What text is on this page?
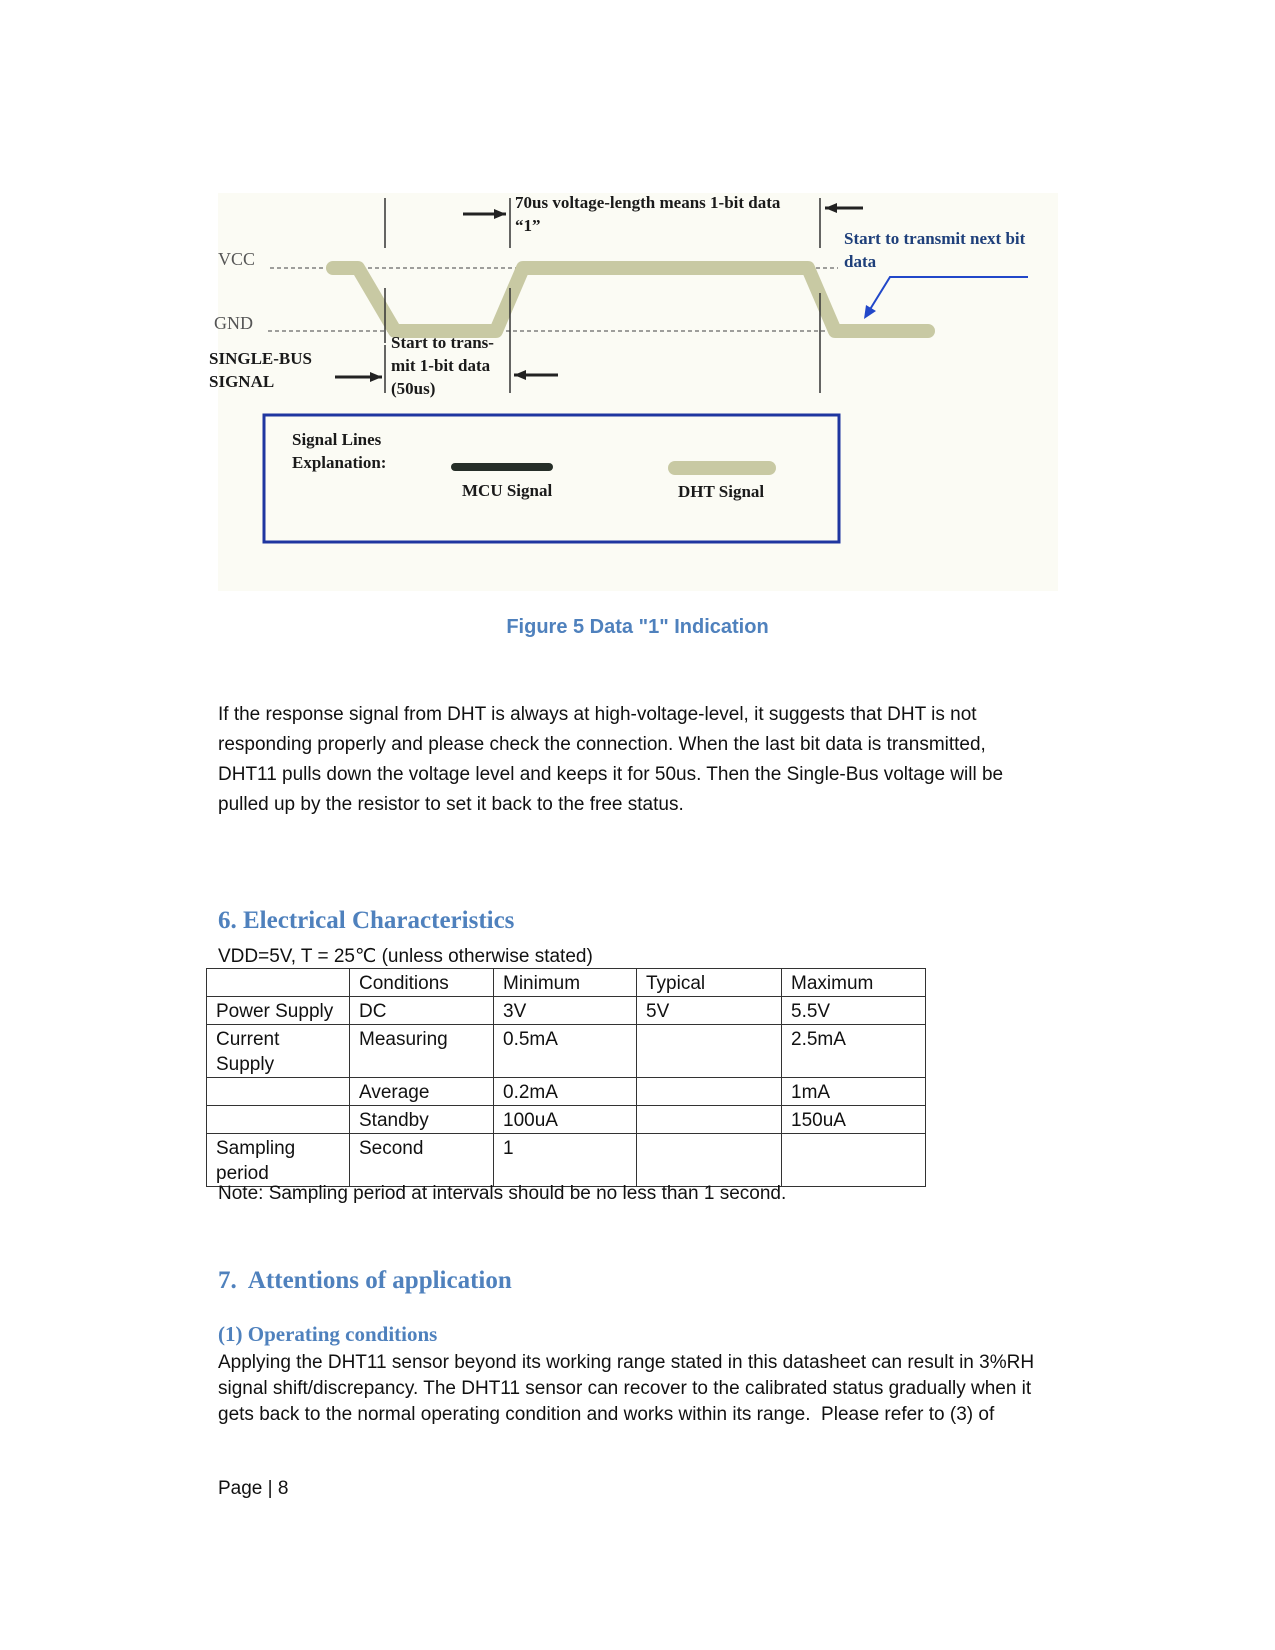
70us voltage-length means 1-bit data “1”
Start to transmit next bit data
VCC
GND
SINGLE-BUS SIGNAL
Start to trans- mit 1-bit data (50us)
Signal Lines Explanation:
MCU Signal	DHT Signal
Figure 5 Data "1" Indication
If the response signal from DHT is always at high-voltage-level, it suggests that DHT is not responding properly and please check the connection. When the last bit data is transmitted, DHT11 pulls down the voltage level and keeps it for 50us. Then the Single-Bus voltage will be pulled up by the resistor to set it back to the free status.
6. Electrical Characteristics
VDD=5V, T = 25℃ (unless otherwise stated)
	Conditions	Minimum	Typical	Maximum
Power Supply	DC	3V	5V	5.5V
Current Supply	Measuring	0.5mA		2.5mA
	Average	0.2mA		1mA
	Standby	100uA		150uA
Sampling period	Second	1		
Note: Sampling period at intervals should be no less than 1 second.
7.  Attentions of application
(1) Operating conditions
Applying the DHT11 sensor beyond its working range stated in this datasheet can result in 3%RH signal shift/discrepancy. The DHT11 sensor can recover to the calibrated status gradually when it gets back to the normal operating condition and works within its range.  Please refer to (3) of
Page | 8
